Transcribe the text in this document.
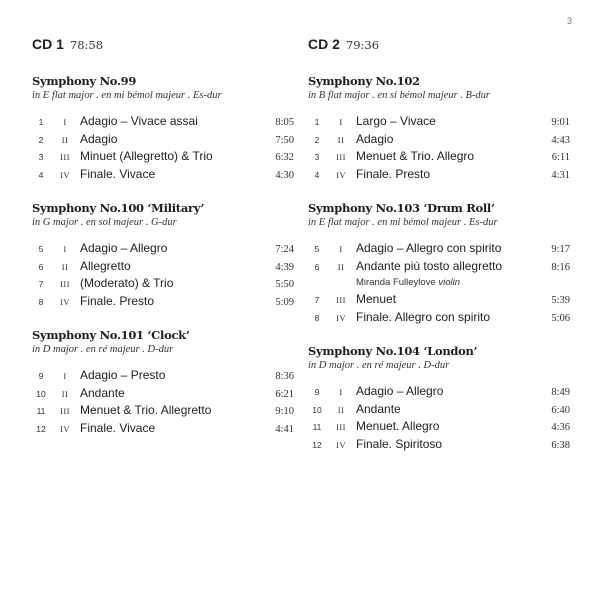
3
CD 1 78:58
Symphony No.99
in E flat major . en mi bémol majeur . Es-dur
1	I	Adagio – Vivace assai	8:05
2	II Adagio	7:50
3	III Minuet (Allegretto) & Trio	6:32
4	IV Finale. Vivace	4:30
Symphony No.100 ‘Military’
in G major . en sol majeur . G-dur
5	I	Adagio – Allegro	7:24
6	II Allegretto	4:39
7	III (Moderato) & Trio	5:50
8	IV Finale. Presto	5:09
Symphony No.101 ‘Clock’
in D major . en ré majeur . D-dur
9	I	Adagio – Presto	8:36
10	II Andante	6:21
11	III Menuet & Trio. Allegretto	9:10
12	IV Finale. Vivace	4:41
CD 2 79:36
Symphony No.102
in B flat major . en si bémol majeur . B-dur
1	I	Largo – Vivace	9:01
2	II Adagio	4:43
3	III Menuet & Trio. Allegro	6:11
4	IV Finale. Presto	4:31
Symphony No.103 ‘Drum Roll’
in E flat major . en mi bémol majeur . Es-dur
5	I	Adagio – Allegro con spirito	9:17
6	II Andante più tosto allegretto	8:16
Miranda Fulleylove violin
7	III Menuet	5:39
8	IV Finale. Allegro con spirito	5:06
Symphony No.104 ‘London’
in D major . en ré majeur . D-dur
9	I	Adagio – Allegro	8:49
10	II Andante	6:40
11	III Menuet. Allegro	4:36
12	IV Finale. Spiritoso	6:38
